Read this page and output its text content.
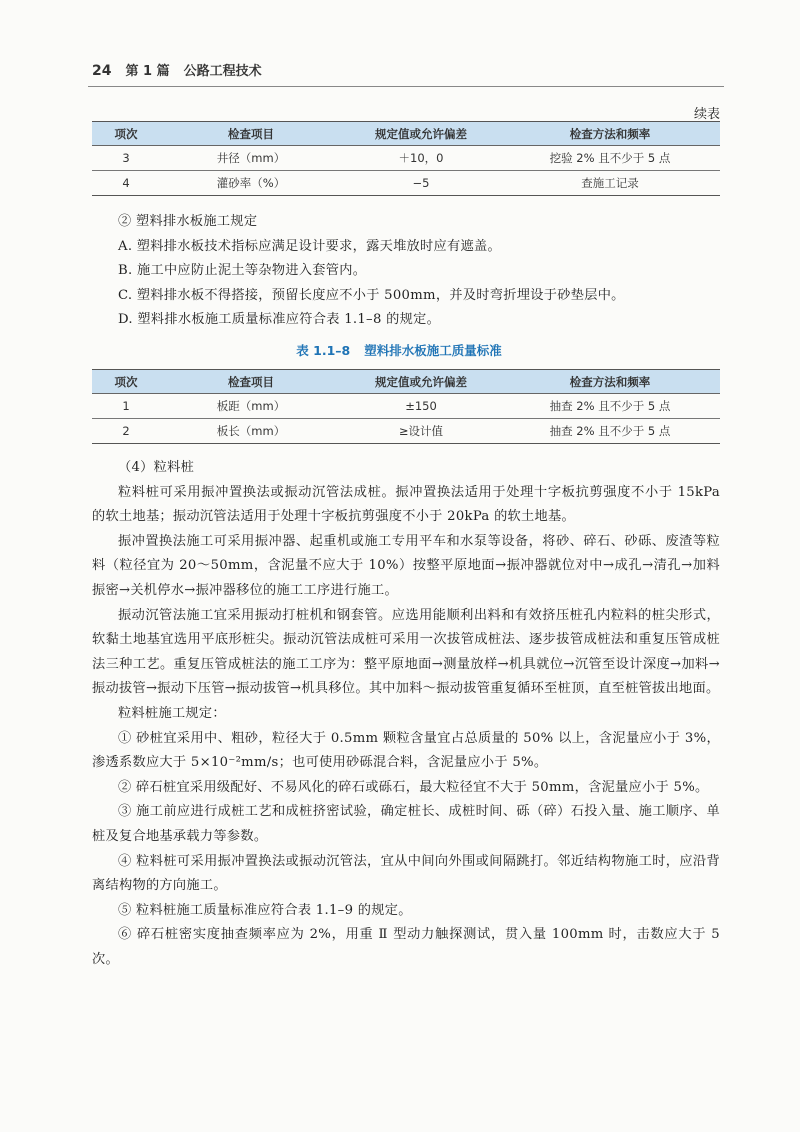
24 第 1 篇 公路工程技术
续表
项次	检查项目	规定值或允许偏差	检查方法和频率
3	井径（mm）	＋10，0	挖验 2% 且不少于 5 点
4	灌砂率（%）	−5	查施工记录

② 塑料排水板施工规定

A. 塑料排水板技术指标应满足设计要求，露天堆放时应有遮盖。

B. 施工中应防止泥土等杂物进入套管内。

C. 塑料排水板不得搭接，预留长度应不小于 500mm，并及时弯折埋设于砂垫层中。

D. 塑料排水板施工质量标准应符合表 1.1–8 的规定。

表 1.1–8 塑料排水板施工质量标准
项次	检查项目	规定值或允许偏差	检查方法和频率
1	板距（mm）	±150	抽查 2% 且不少于 5 点
2	板长（mm）	≥设计值	抽查 2% 且不少于 5 点

（4）粒料桩

粒料桩可采用振冲置换法或振动沉管法成桩。振冲置换法适用于处理十字板抗剪强度不小于 15kPa 的软土地基；振动沉管法适用于处理十字板抗剪强度不小于 20kPa 的软土地基。

振冲置换法施工可采用振冲器、起重机或施工专用平车和水泵等设备，将砂、碎石、砂砾、废渣等粒料（粒径宜为 20～50mm，含泥量不应大于 10%）按整平原地面→振冲器就位对中→成孔→清孔→加料振密→关机停水→振冲器移位的施工工序进行施工。

振动沉管法施工宜采用振动打桩机和钢套管。应选用能顺利出料和有效挤压桩孔内粒料的桩尖形式，软黏土地基宜选用平底形桩尖。振动沉管法成桩可采用一次拔管成桩法、逐步拔管成桩法和重复压管成桩法三种工艺。重复压管成桩法的施工工序为：整平原地面→测量放样→机具就位→沉管至设计深度→加料→振动拔管→振动下压管→振动拔管→机具移位。其中加料～振动拔管重复循环至桩顶，直至桩管拔出地面。

粒料桩施工规定：

① 砂桩宜采用中、粗砂，粒径大于 0.5mm 颗粒含量宜占总质量的 50% 以上，含泥量应小于 3%，渗透系数应大于 5×10⁻²mm/s；也可使用砂砾混合料，含泥量应小于 5%。

② 碎石桩宜采用级配好、不易风化的碎石或砾石，最大粒径宜不大于 50mm，含泥量应小于 5%。

③ 施工前应进行成桩工艺和成桩挤密试验，确定桩长、成桩时间、砾（碎）石投入量、施工顺序、单桩及复合地基承载力等参数。

④ 粒料桩可采用振冲置换法或振动沉管法，宜从中间向外围或间隔跳打。邻近结构物施工时，应沿背离结构物的方向施工。

⑤ 粒料桩施工质量标准应符合表 1.1–9 的规定。

⑥ 碎石桩密实度抽查频率应为 2%，用重 Ⅱ 型动力触探测试，贯入量 100mm 时，击数应大于 5 次。
